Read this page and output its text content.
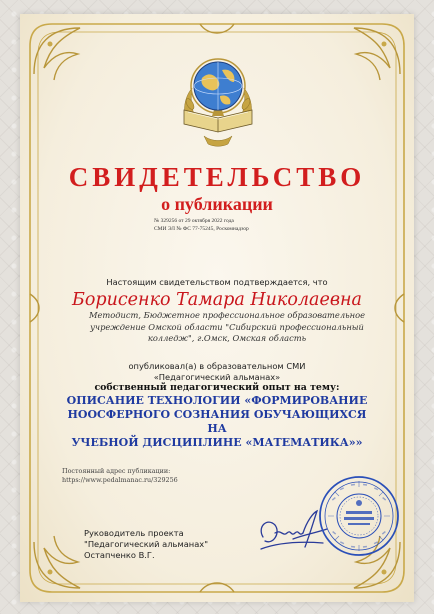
СВИДЕТЕЛЬСТВО
о публикации
№ 329256 от 29 октября 2022 года
СМИ ЭЛ № ФС 77-75245, Роскомнадзор
Настоящим свидетельством подтверждается, что
Борисенко Тамара Николаевна
Методист, Бюджетное профессиональное образовательное
учреждение Омской области "Сибирский профессиональный
колледж", г.Омск, Омская область
опубликовал(а) в образовательном СМИ
«Педагогический альманах»
собственный педагогический опыт на тему:
ОПИСАНИЕ ТЕХНОЛОГИИ «ФОРМИРОВАНИЕ
НООСФЕРНОГО СОЗНАНИЯ ОБУЧАЮЩИХСЯ НА
УЧЕБНОЙ ДИСЦИПЛИНЕ «МАТЕМАТИКА»»
Постоянный адрес публикации:
https://www.pedalmanac.ru/329256
Руководитель проекта
"Педагогический альманах"
Остапченко В.Г.
